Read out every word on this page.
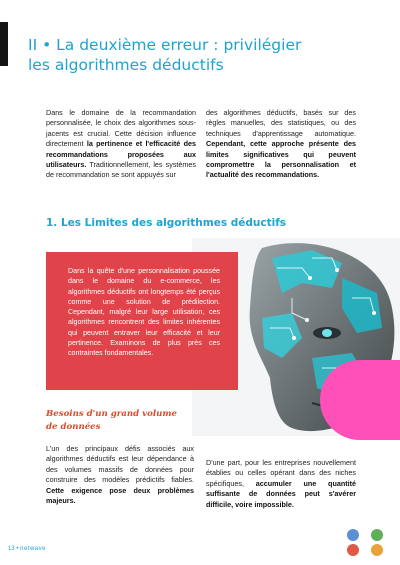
II • La deuxième erreur : privilégier
les algorithmes déductifs
Dans le domaine de la recommandation personnalisée, le choix des algorithmes sous-jacents est crucial. Cette décision influence directement la pertinence et l'efficacité des recommandations proposées aux utilisateurs. Traditionnellement, les systèmes de recommandation se sont appuyés sur
des algorithmes déductifs, basés sur des règles manuelles, des statistiques, ou des techniques d'apprentissage automatique. Cependant, cette approche présente des limites significatives qui peuvent compromettre la personnalisation et l'actualité des recommandations.
1. Les Limites des algorithmes déductifs

Dans la quête d'une personnalisation poussée dans le domaine du e-commerce, les algorithmes déductifs ont longtemps été perçus comme une solution de prédilection. Cependant, malgré leur large utilisation, ces algorithmes rencontrent des limites inhérentes qui peuvent entraver leur efficacité et leur pertinence. Examinons de plus près ces contraintes fondamentales.

Besoins d'un grand volume de données
L'un des principaux défis associés aux algorithmes déductifs est leur dépendance à des volumes massifs de données pour construire des modèles prédictifs fiables. Cette exigence pose deux problèmes majeurs.
D'une part, pour les entreprises nouvellement établies ou celles opérant dans des niches spécifiques, accumuler une quantité suffisante de données peut s'avérer difficile, voire impossible.
13 • netwave
